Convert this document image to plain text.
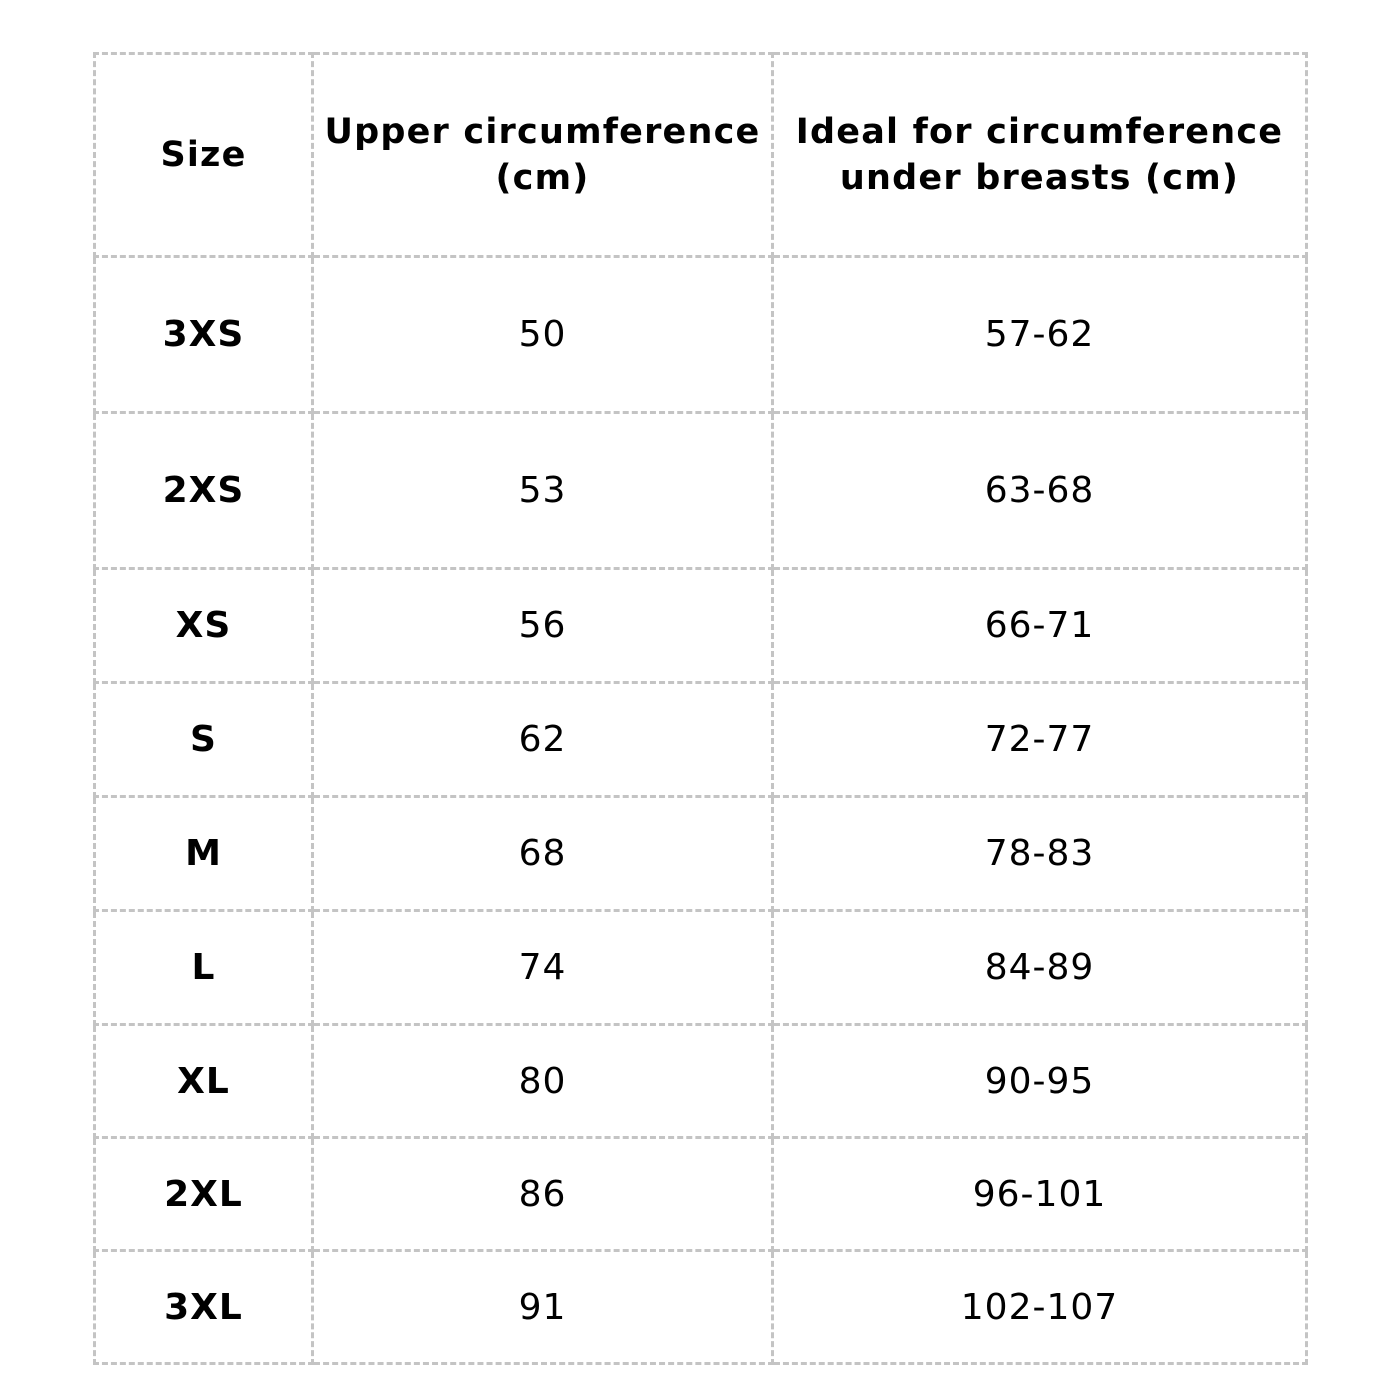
Size	Upper circumference (cm)	Ideal for circumference under breasts (cm)
3XS	50	57-62
2XS	53	63-68
XS	56	66-71
S	62	72-77
M	68	78-83
L	74	84-89
XL	80	90-95
2XL	86	96-101
3XL	91	102-107
